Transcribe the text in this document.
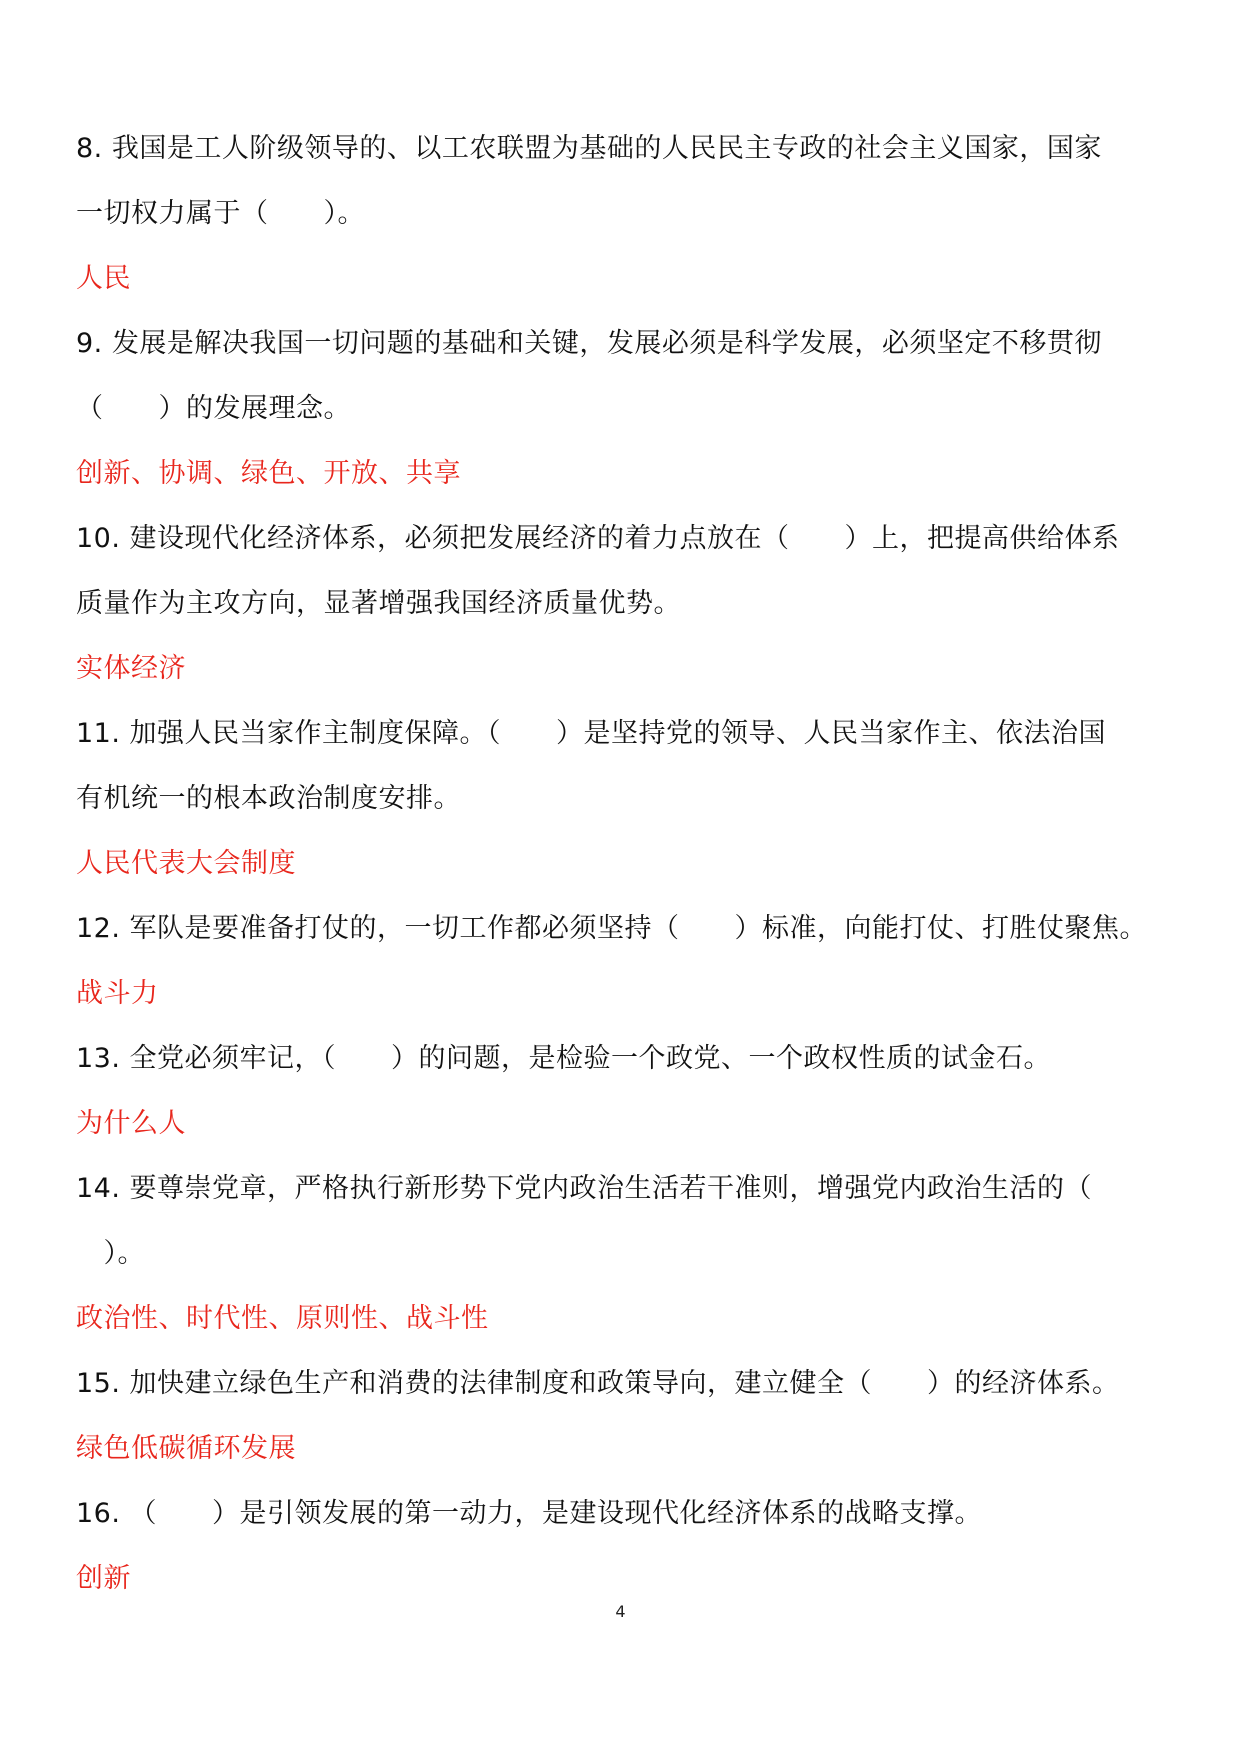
8. 我国是工人阶级领导的、以工农联盟为基础的人民民主专政的社会主义国家，国家
一切权力属于（　　）。
人民
9. 发展是解决我国一切问题的基础和关键，发展必须是科学发展，必须坚定不移贯彻
（　　）的发展理念。
创新、协调、绿色、开放、共享
10. 建设现代化经济体系，必须把发展经济的着力点放在（　　）上，把提高供给体系
质量作为主攻方向，显著增强我国经济质量优势。
实体经济
11. 加强人民当家作主制度保障。（　　）是坚持党的领导、人民当家作主、依法治国
有机统一的根本政治制度安排。
人民代表大会制度
12. 军队是要准备打仗的，一切工作都必须坚持（　　）标准，向能打仗、打胜仗聚焦。
战斗力
13. 全党必须牢记，（　　）的问题，是检验一个政党、一个政权性质的试金石。
为什么人
14. 要尊崇党章，严格执行新形势下党内政治生活若干准则，增强党内政治生活的（
　）。
政治性、时代性、原则性、战斗性
15. 加快建立绿色生产和消费的法律制度和政策导向，建立健全（　　）的经济体系。
绿色低碳循环发展
16. （　　）是引领发展的第一动力，是建设现代化经济体系的战略支撑。
创新
4
